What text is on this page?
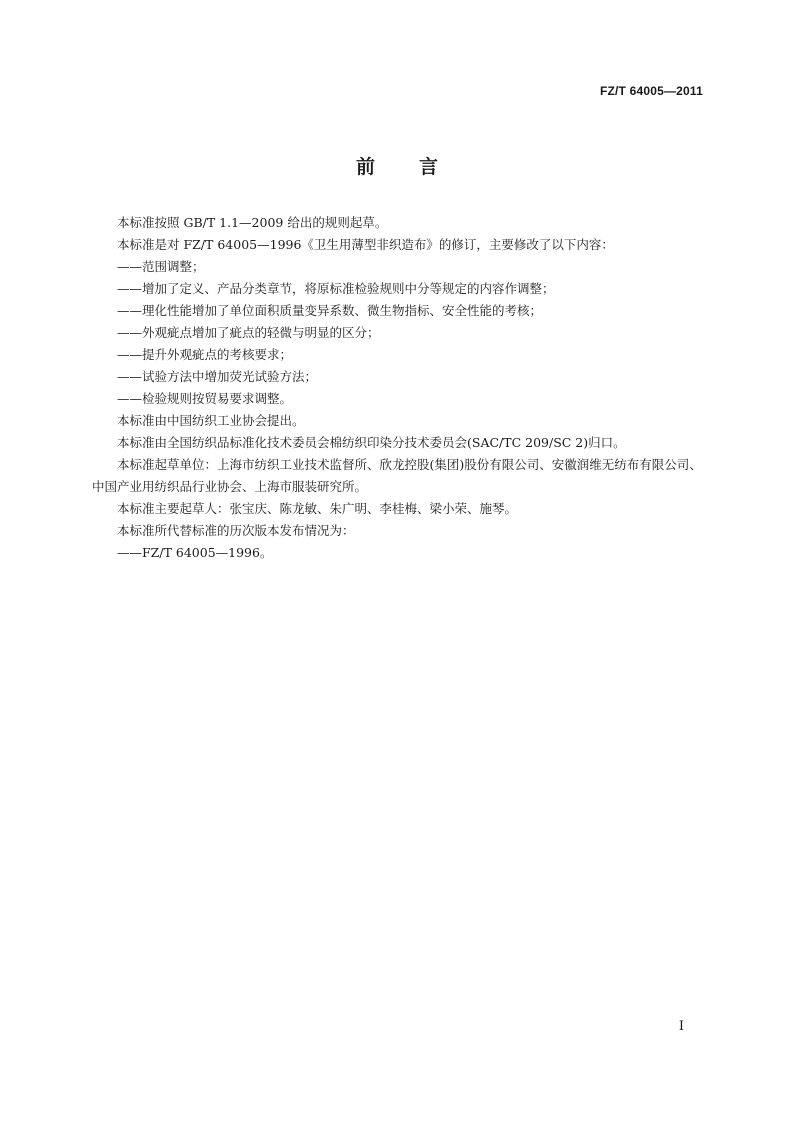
FZ/T 64005—2011
前言

本标准按照 GB/T 1.1—2009 给出的规则起草。

本标准是对 FZ/T 64005—1996《卫生用薄型非织造布》的修订，主要修改了以下内容：

——范围调整；

——增加了定义、产品分类章节，将原标准检验规则中分等规定的内容作调整；

——理化性能增加了单位面积质量变异系数、微生物指标、安全性能的考核；

——外观疵点增加了疵点的轻微与明显的区分；

——提升外观疵点的考核要求；

——试验方法中增加荧光试验方法；

——检验规则按贸易要求调整。

本标准由中国纺织工业协会提出。

本标准由全国纺织品标准化技术委员会棉纺织印染分技术委员会(SAC/TC 209/SC 2)归口。

本标准起草单位：上海市纺织工业技术监督所、欣龙控股(集团)股份有限公司、安徽润维无纺布有限公司、中国产业用纺织品行业协会、上海市服装研究所。

本标准主要起草人：张宝庆、陈龙敏、朱广明、李桂梅、梁小荣、施琴。

本标准所代替标准的历次版本发布情况为：

——FZ/T 64005—1996。

I
